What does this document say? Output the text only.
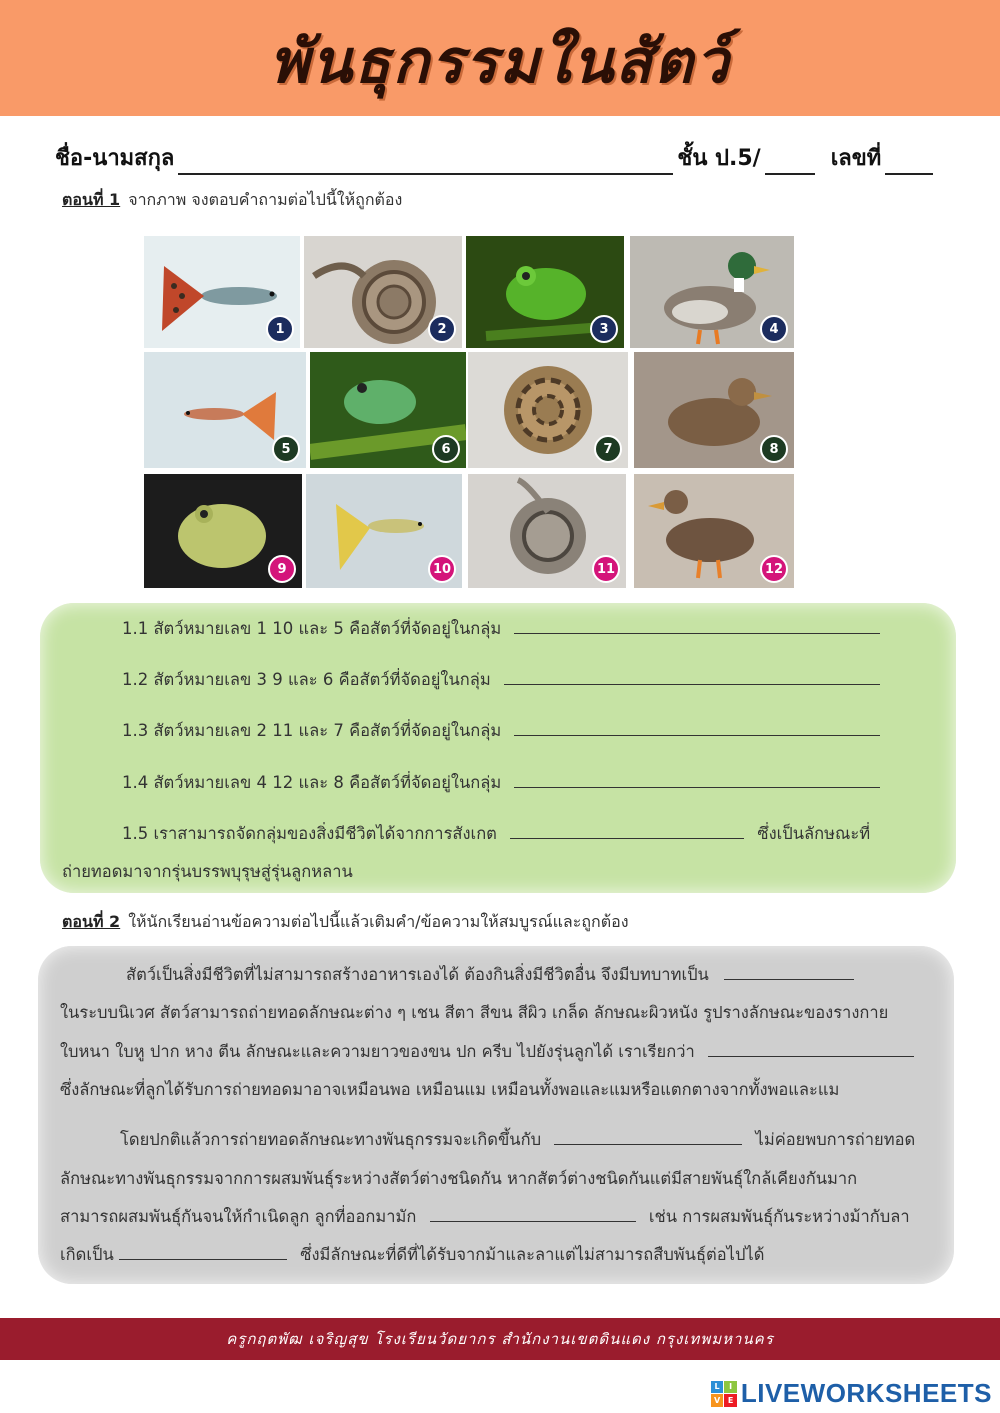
พันธุกรรมในสัตว์
ชื่อ-นามสกุล	ชั้น ป.5/	เลขที่
ตอนที่ 1 จากภาพ จงตอบคำถามต่อไปนี้ให้ถูกต้อง
1	2	3	4
5	6	7	8
9	10	11	12
1.1 สัตว์หมายเลข 1 10 และ 5 คือสัตว์ที่จัดอยู่ในกลุ่ม
1.2 สัตว์หมายเลข 3 9 และ 6 คือสัตว์ที่จัดอยู่ในกลุ่ม
1.3 สัตว์หมายเลข 2 11 และ 7 คือสัตว์ที่จัดอยู่ในกลุ่ม
1.4 สัตว์หมายเลข 4 12 และ 8 คือสัตว์ที่จัดอยู่ในกลุ่ม
1.5 เราสามารถจัดกลุ่มของสิ่งมีชีวิตได้จากการสังเกต	ซึ่งเป็นลักษณะที่
ถ่ายทอดมาจากรุ่นบรรพบุรุษสู่รุ่นลูกหลาน
ตอนที่ 2 ให้นักเรียนอ่านข้อความต่อไปนี้แล้วเติมคำ/ข้อความให้สมบูรณ์และถูกต้อง
สัตว์เป็นสิ่งมีชีวิตที่ไม่สามารถสร้างอาหารเองได้ ต้องกินสิ่งมีชีวิตอื่น จึงมีบทบาทเป็น
ในระบบนิเวศ สัตว์สามารถถ่ายทอดลักษณะต่าง ๆ เชน สีตา สีขน สีผิว เกล็ด ลักษณะผิวหนัง รูปรางลักษณะของรางกาย
ใบหนา ใบหู ปาก หาง ตีน ลักษณะและความยาวของขน ปก ครีบ ไปยังรุ่นลูกได้ เราเรียกว่า
ซึ่งลักษณะที่ลูกได้รับการถ่ายทอดมาอาจเหมือนพอ เหมือนแม เหมือนทั้งพอและแมหรือแตกตางจากทั้งพอและแม
โดยปกติแล้วการถ่ายทอดลักษณะทางพันธุกรรมจะเกิดขึ้นกับ	ไม่ค่อยพบการถ่ายทอด
ลักษณะทางพันธุกรรมจากการผสมพันธุ์ระหว่างสัตว์ต่างชนิดกัน หากสัตว์ต่างชนิดกันแต่มีสายพันธุ์ใกล้เคียงกันมาก
สามารถผสมพันธุ์กันจนให้กำเนิดลูก ลูกที่ออกมามัก	เช่น การผสมพันธุ์กันระหว่างม้ากับลา
เกิดเป็น	ซึ่งมีลักษณะที่ดีที่ได้รับจากม้าและลาแต่ไม่สามารถสืบพันธุ์ต่อไปได้
ครูกฤตพัฒ เจริญสุข โรงเรียนวัดยากร สำนักงานเขตดินแดง กรุงเทพมหานคร
L	I
V E LIVEWORKSHEETS
